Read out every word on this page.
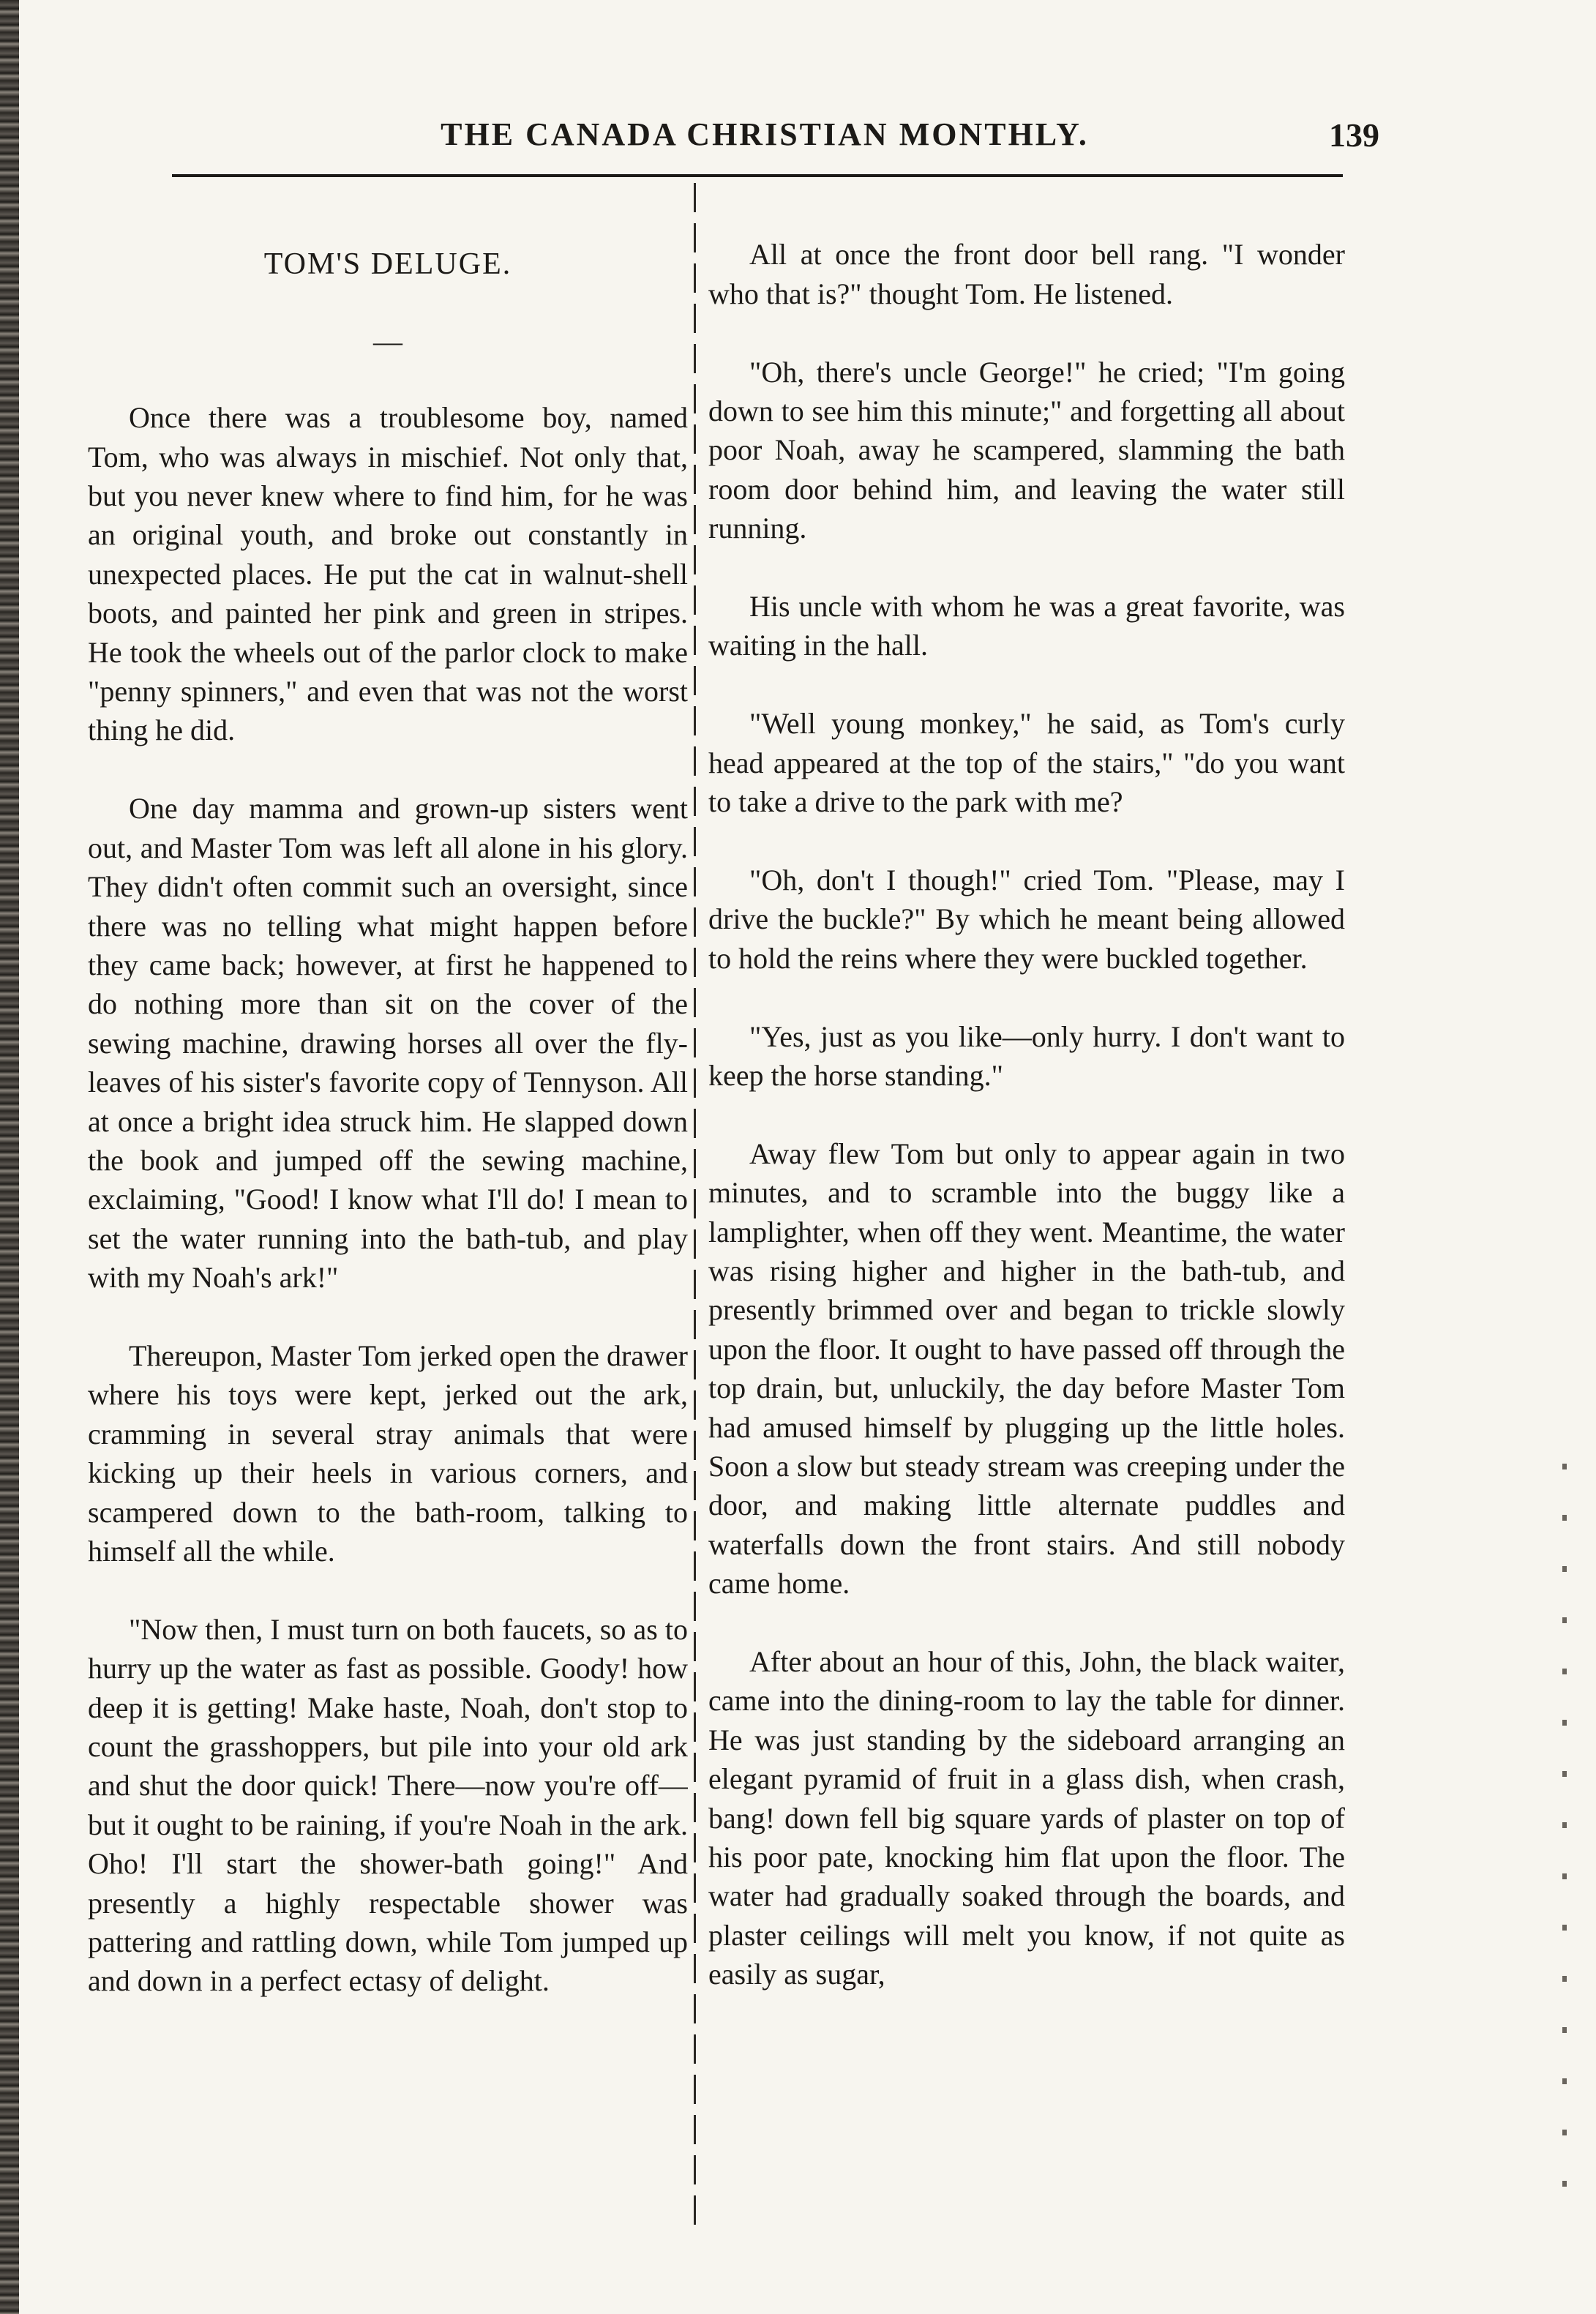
THE CANADA CHRISTIAN MONTHLY.	139

TOM'S DELUGE.

—

Once there was a troublesome boy, named Tom, who was always in mischief. Not only that, but you never knew where to find him, for he was an original youth, and broke out constantly in unexpected places. He put the cat in walnut-shell boots, and painted her pink and green in stripes. He took the wheels out of the parlor clock to make "penny spinners," and even that was not the worst thing he did.

One day mamma and grown-up sisters went out, and Master Tom was left all alone in his glory. They didn't often commit such an oversight, since there was no telling what might happen before they came back; however, at first he happened to do nothing more than sit on the cover of the sewing machine, drawing horses all over the fly-leaves of his sister's favorite copy of Tennyson. All at once a bright idea struck him. He slapped down the book and jumped off the sewing machine, exclaiming, "Good! I know what I'll do! I mean to set the water running into the bath-tub, and play with my Noah's ark!"

Thereupon, Master Tom jerked open the drawer where his toys were kept, jerked out the ark, cramming in several stray animals that were kicking up their heels in various corners, and scampered down to the bath-room, talking to himself all the while.

"Now then, I must turn on both faucets, so as to hurry up the water as fast as possible. Goody! how deep it is getting! Make haste, Noah, don't stop to count the grasshoppers, but pile into your old ark and shut the door quick! There—now you're off—but it ought to be raining, if you're Noah in the ark. Oho! I'll start the shower-bath going!" And presently a highly respectable shower was pattering and rattling down, while Tom jumped up and down in a perfect ectasy of delight.

All at once the front door bell rang. "I wonder who that is?" thought Tom. He listened.

"Oh, there's uncle George!" he cried; "I'm going down to see him this minute;" and forgetting all about poor Noah, away he scampered, slamming the bath room door behind him, and leaving the water still running.

His uncle with whom he was a great favorite, was waiting in the hall.

"Well young monkey," he said, as Tom's curly head appeared at the top of the stairs," "do you want to take a drive to the park with me?

"Oh, don't I though!" cried Tom. "Please, may I drive the buckle?" By which he meant being allowed to hold the reins where they were buckled together.

"Yes, just as you like—only hurry. I don't want to keep the horse standing."

Away flew Tom but only to appear again in two minutes, and to scramble into the buggy like a lamplighter, when off they went. Meantime, the water was rising higher and higher in the bath-tub, and presently brimmed over and began to trickle slowly upon the floor. It ought to have passed off through the top drain, but, unluckily, the day before Master Tom had amused himself by plugging up the little holes. Soon a slow but steady stream was creeping under the door, and making little alternate puddles and waterfalls down the front stairs. And still nobody came home.

After about an hour of this, John, the black waiter, came into the dining-room to lay the table for dinner. He was just standing by the sideboard arranging an elegant pyramid of fruit in a glass dish, when crash, bang! down fell big square yards of plaster on top of his poor pate, knocking him flat upon the floor. The water had gradually soaked through the boards, and plaster ceilings will melt you know, if not quite as easily as sugar,
